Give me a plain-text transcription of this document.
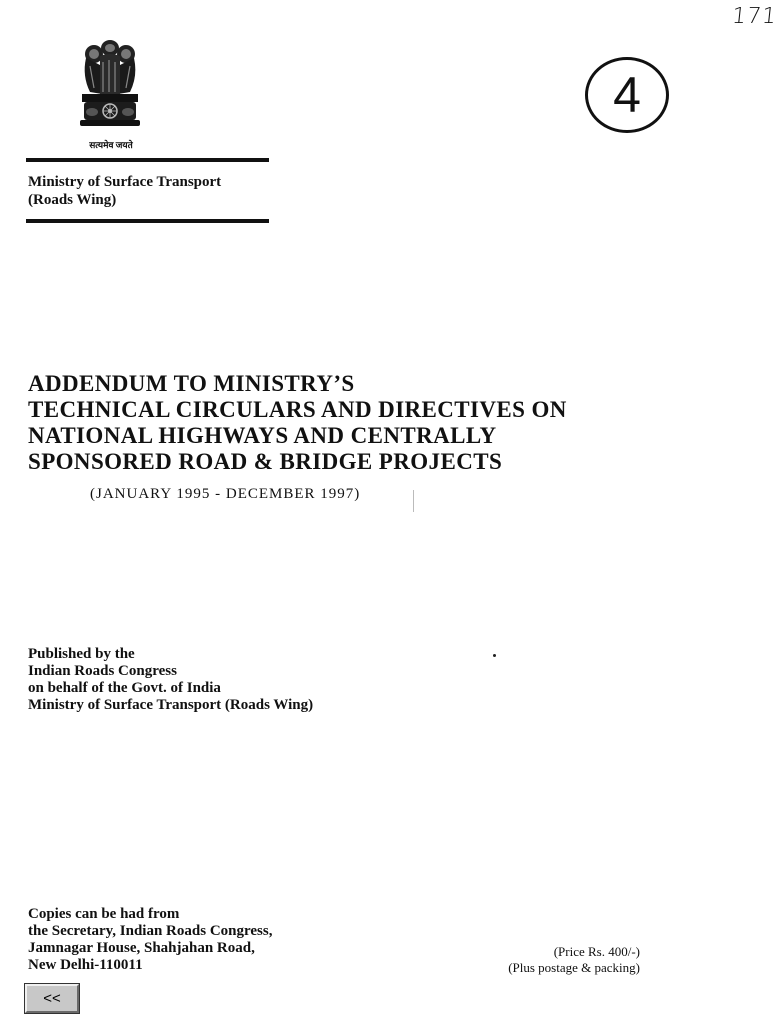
171
सत्यमेव जयते
4
Ministry of Surface Transport
(Roads Wing)
ADDENDUM TO MINISTRY’S
TECHNICAL CIRCULARS AND DIRECTIVES ON
NATIONAL HIGHWAYS AND CENTRALLY
SPONSORED ROAD & BRIDGE PROJECTS
(JANUARY 1995 - DECEMBER 1997)
Published by the
Indian Roads Congress
on behalf of the Govt. of India
Ministry of Surface Transport (Roads Wing)
Copies can be had from
the Secretary, Indian Roads Congress,
Jamnagar House, Shahjahan Road,
New Delhi-110011
(Price Rs. 400/-)
(Plus postage & packing)
<<
